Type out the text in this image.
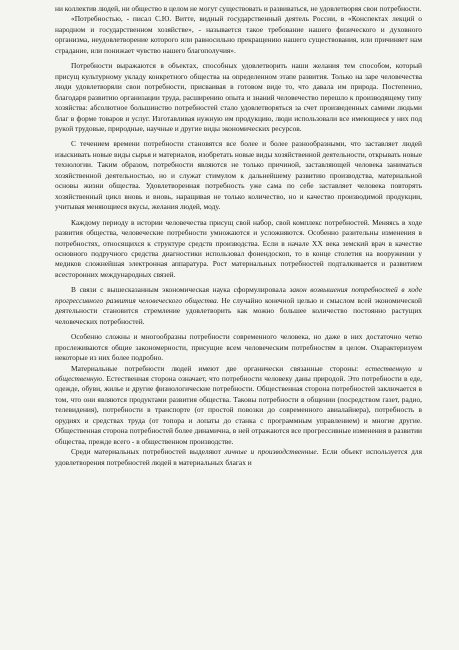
ни коллектив людей, ни общество в целом не могут существовать и развиваться, не удовлетворяя свои потребности.

«Потребностью, - писал С.Ю. Витте, видный государственный деятель России, в «Конспектах лекций о народном и государственном хозяйстве», - называется такое требование нашего физического и духовного организма, неудовлетворение которого или равносильно прекращению нашего существования, или причиняет нам страдание, или понижает чувство нашего благополучия».

Потребности выражаются в объектах, способных удовлетворить наши желания тем способом, который присущ культурному укладу конкретного общества на определенном этапе развития. Только на заре человечества люди удовлетворяли свои потребности, присваивая в готовом виде то, что давала им природа. Постепенно, благодаря развитию организации труда, расширению опыта и знаний человечество перешло к производящему типу хозяйства: абсолютное большинство потребностей стало удовлетворяться за счет произведенных самими людьми благ в форме товаров и услуг. Изготавливая нужную им продукцию, люди использовали все имеющиеся у них под рукой трудовые, природные, научные и другие виды экономических ресурсов.

С течением времени потребности становятся все более и более разнообразными, что заставляет людей изыскивать новые виды сырья и материалов, изобретать новые виды хозяйственной деятельности, открывать новые технологии. Таким образом, потребности являются не только причиной, заставляющей человека заниматься хозяйственной деятельностью, но и служат стимулом к дальнейшему развитию производства, материальной основы жизни общества. Удовлетворенная потребность уже сама по себе заставляет человека повторять хозяйственный цикл вновь и вновь, наращивая не только количество, но и качество производимой продукции, учитывая меняющиеся вкусы, желания людей, моду.

Каждому периоду в истории человечества присущ свой набор, свой комплекс потребностей. Меняясь в ходе развития общества, человеческие потребности умножаются и усложняются. Особенно разительны изменения в потребностях, относящихся к структуре средств производства. Если в начале XX века земский врач в качестве основного подручного средства диагностики использовал фонендоскоп, то в конце столетия на вооружении у медиков сложнейшая электронная аппаратура. Рост материальных потребностей подталкивается и развитием всесторонних международных связей.

В связи с вышесказанным экономическая наука сформулировала закон возвышения потребностей в ходе прогрессивного развития человеческого общества. Не случайно конечной целью и смыслом всей экономической деятельности становится стремление удовлетворить как можно большее количество постоянно растущих человеческих потребностей.

Особенно сложны и многообразны потребности современного человека, но даже в них достаточно четко прослеживаются общие закономерности, присущие всем человеческим потребностям в целом. Охарактеризуем некоторые из них более подробно.

Материальные потребности людей имеют две органически связанные стороны: естественную и общественную. Естественная сторона означает, что потребности человеку даны природой. Это потребности в еде, одежде, обуви, жилье и другие физиологические потребности. Общественная сторона потребностей заключается в том, что они являются продуктами развития общества. Таковы потребности в общении (посредством газет, радио, телевидения), потребности в транспорте (от простой повозки до современного авиалайнера), потребность в орудиях и средствах труда (от топора и лопаты до станка с программным управлением) и многие другие. Общественная сторона потребностей более динамична, в ней отражаются все прогрессивные изменения в развитии общества, прежде всего - в общественном производстве.

Среди материальных потребностей выделяют личные и производственные. Если объект используется для удовлетворения потребностей людей в материальных благах и
